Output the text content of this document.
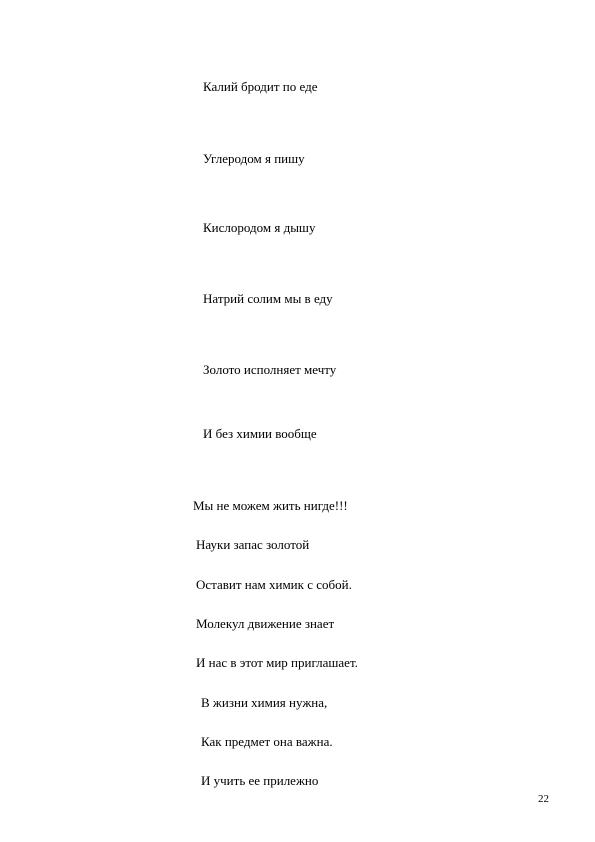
Калий бродит по еде
Углеродом я пишу
Кислородом я дышу
Натрий солим мы в еду
Золото исполняет мечту
И без химии вообще
Мы не можем жить нигде!!!
Науки запас золотой
Оставит нам химик с собой.
Молекул движение знает
И нас в этот мир приглашает.
В жизни химия нужна,
Как предмет она важна.
И учить ее прилежно
22
